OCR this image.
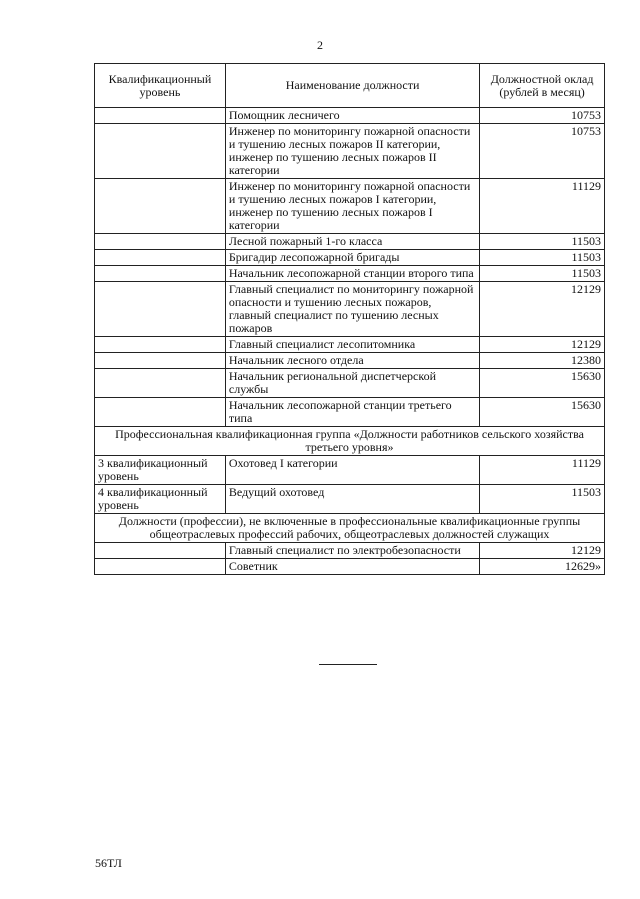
2
Квалификационный уровень	Наименование должности	Должностной оклад (рублей в месяц)
	Помощник лесничего	10753
	Инженер по мониторингу пожарной опасности и тушению лесных пожаров II категории, инженер по тушению лесных пожаров II категории	10753
	Инженер по мониторингу пожарной опасности и тушению лесных пожаров I категории, инженер по тушению лесных пожаров I категории	11129
	Лесной пожарный 1-го класса	11503
	Бригадир лесопожарной бригады	11503
	Начальник лесопожарной станции второго типа	11503
	Главный специалист по мониторингу пожарной опасности и тушению лесных пожаров, главный специалист по тушению лесных пожаров	12129
	Главный специалист лесопитомника	12129
	Начальник лесного отдела	12380
	Начальник региональной диспетчерской службы	15630
	Начальник лесопожарной станции третьего типа	15630
Профессиональная квалификационная группа «Должности работников сельского хозяйства третьего уровня»		
3 квалификационный уровень	Охотовед I категории	11129
4 квалификационный уровень	Ведущий охотовед	11503
Должности (профессии), не включенные в профессиональные квалификационные группы общеотраслевых профессий рабочих, общеотраслевых должностей служащих		
	Главный специалист по электробезопасности	12129
	Советник	12629»
56ТЛ
